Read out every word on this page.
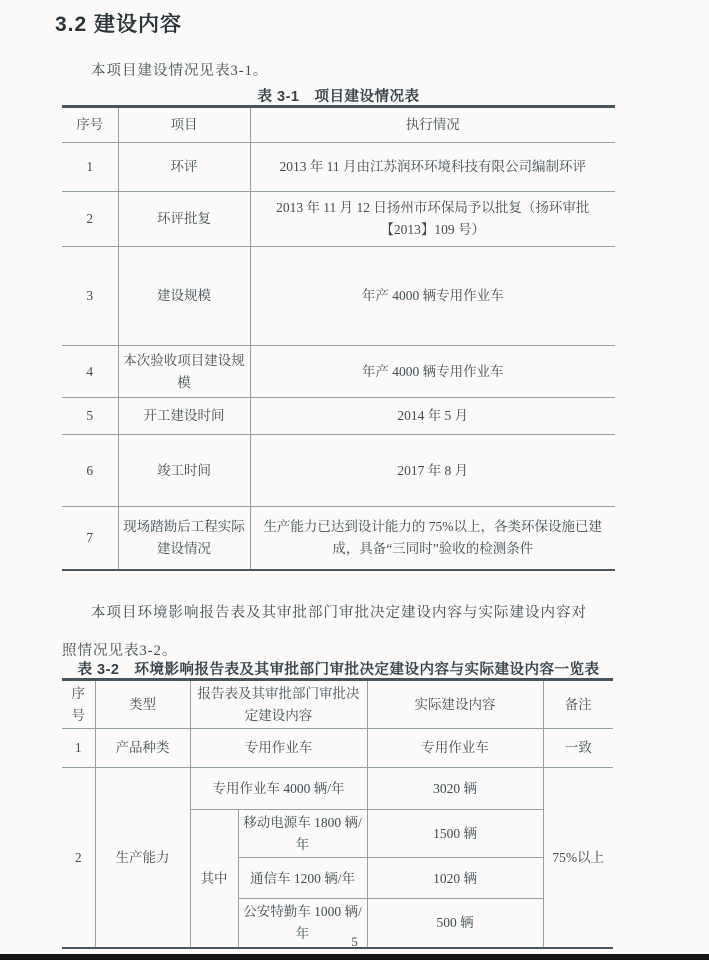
3.2 建设内容

本项目建设情况见表3-1。

表 3-1　项目建设情况表
序号	项目	执行情况
1	环评	2013 年 11 月由江苏润环环境科技有限公司编制环评
2	环评批复	2013 年 11 月 12 日扬州市环保局予以批复（扬环审批【2013】109 号）
3	建设规模	年产 4000 辆专用作业车
4	本次验收项目建设规模	年产 4000 辆专用作业车
5	开工建设时间	2014 年 5 月
6	竣工时间	2017 年 8 月
7	现场踏勘后工程实际建设情况	生产能力已达到设计能力的 75%以上，各类环保设施已建成，具备“三同时”验收的检测条件

本项目环境影响报告表及其审批部门审批决定建设内容与实际建设内容对
照情况见表3-2。

表 3-2　环境影响报告表及其审批部门审批决定建设内容与实际建设内容一览表
序号	类型	报告表及其审批部门审批决定建设内容		实际建设内容	备注
1	产品种类	专用作业车		专用作业车	一致
2	生产能力	专用作业车 4000 辆/年		3020 辆	75%以上
		其中	移动电源车 1800 辆/年	1500 辆	
			通信车 1200 辆/年	1020 辆	
			公安特勤车 1000 辆/年	500 辆	
5
